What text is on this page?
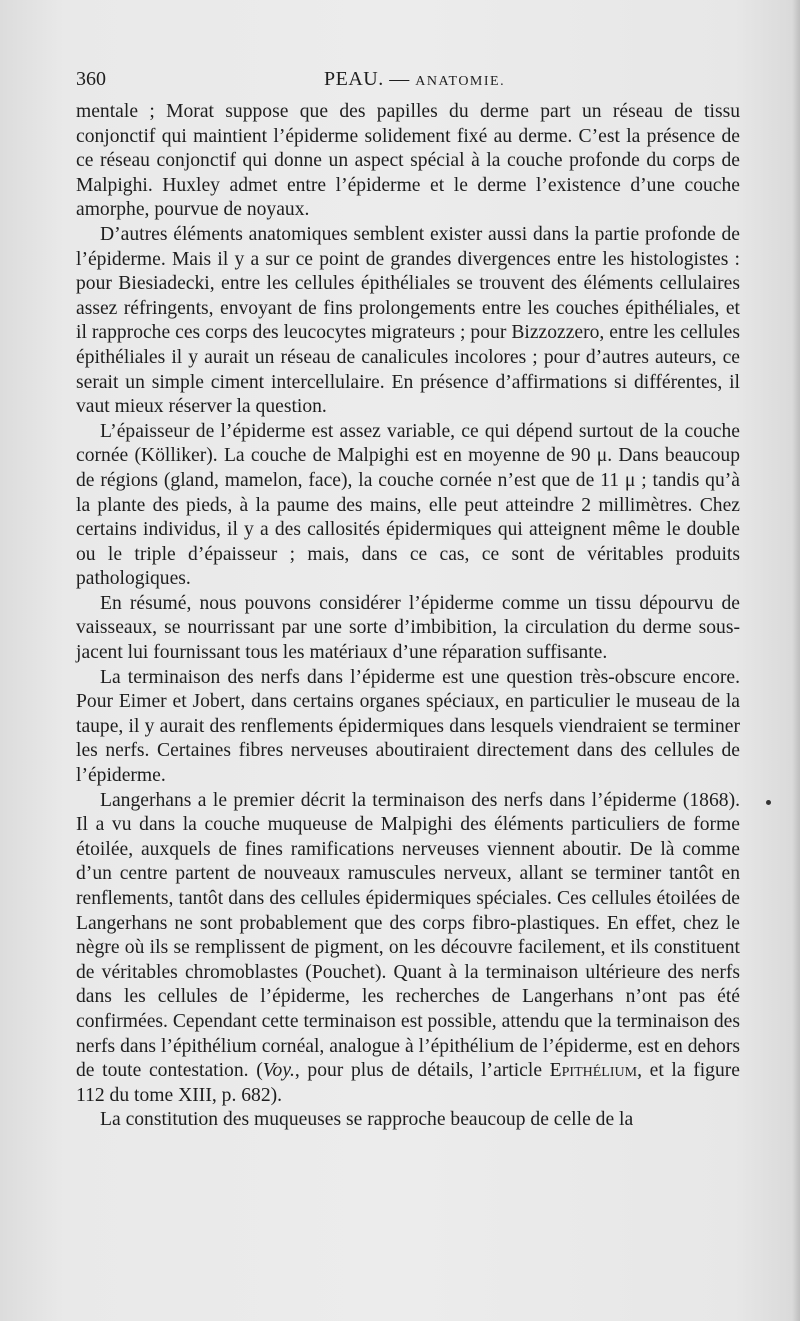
360	PEAU. — ANATOMIE.

mentale ; Morat suppose que des papilles du derme part un réseau de tissu conjonctif qui maintient l’épiderme solidement fixé au derme. C’est la présence de ce réseau conjonctif qui donne un aspect spécial à la couche profonde du corps de Malpighi. Huxley admet entre l’épiderme et le derme l’existence d’une couche amorphe, pourvue de noyaux.

D’autres éléments anatomiques semblent exister aussi dans la partie profonde de l’épiderme. Mais il y a sur ce point de grandes divergences entre les histologistes : pour Biesiadecki, entre les cellules épithéliales se trouvent des éléments cellulaires assez réfringents, envoyant de fins prolongements entre les couches épithéliales, et il rapproche ces corps des leucocytes migrateurs ; pour Bizzozzero, entre les cellules épithéliales il y aurait un réseau de canalicules incolores ; pour d’autres auteurs, ce serait un simple ciment intercellulaire. En présence d’affirmations si différentes, il vaut mieux réserver la question.

L’épaisseur de l’épiderme est assez variable, ce qui dépend surtout de la couche cornée (Kölliker). La couche de Malpighi est en moyenne de 90 μ. Dans beaucoup de régions (gland, mamelon, face), la couche cornée n’est que de 11 μ ; tandis qu’à la plante des pieds, à la paume des mains, elle peut atteindre 2 millimètres. Chez certains individus, il y a des callosités épidermiques qui atteignent même le double ou le triple d’épaisseur ; mais, dans ce cas, ce sont de véritables produits pathologiques.

En résumé, nous pouvons considérer l’épiderme comme un tissu dépourvu de vaisseaux, se nourrissant par une sorte d’imbibition, la circulation du derme sous-jacent lui fournissant tous les matériaux d’une réparation suffisante.

La terminaison des nerfs dans l’épiderme est une question très-obscure encore. Pour Eimer et Jobert, dans certains organes spéciaux, en particulier le museau de la taupe, il y aurait des renflements épidermiques dans lesquels viendraient se terminer les nerfs. Certaines fibres nerveuses aboutiraient directement dans des cellules de l’épiderme.

Langerhans a le premier décrit la terminaison des nerfs dans l’épiderme (1868). Il a vu dans la couche muqueuse de Malpighi des éléments particuliers de forme étoilée, auxquels de fines ramifications nerveuses viennent aboutir. De là comme d’un centre partent de nouveaux ramuscules nerveux, allant se terminer tantôt en renflements, tantôt dans des cellules épidermiques spéciales. Ces cellules étoilées de Langerhans ne sont probablement que des corps fibro-plastiques. En effet, chez le nègre où ils se remplissent de pigment, on les découvre facilement, et ils constituent de véritables chromoblastes (Pouchet). Quant à la terminaison ultérieure des nerfs dans les cellules de l’épiderme, les recherches de Langerhans n’ont pas été confirmées. Cependant cette terminaison est possible, attendu que la terminaison des nerfs dans l’épithélium cornéal, analogue à l’épithélium de l’épiderme, est en dehors de toute contestation. (Voy., pour plus de détails, l’article Epithélium, et la figure 112 du tome XIII, p. 682).

La constitution des muqueuses se rapproche beaucoup de celle de la
